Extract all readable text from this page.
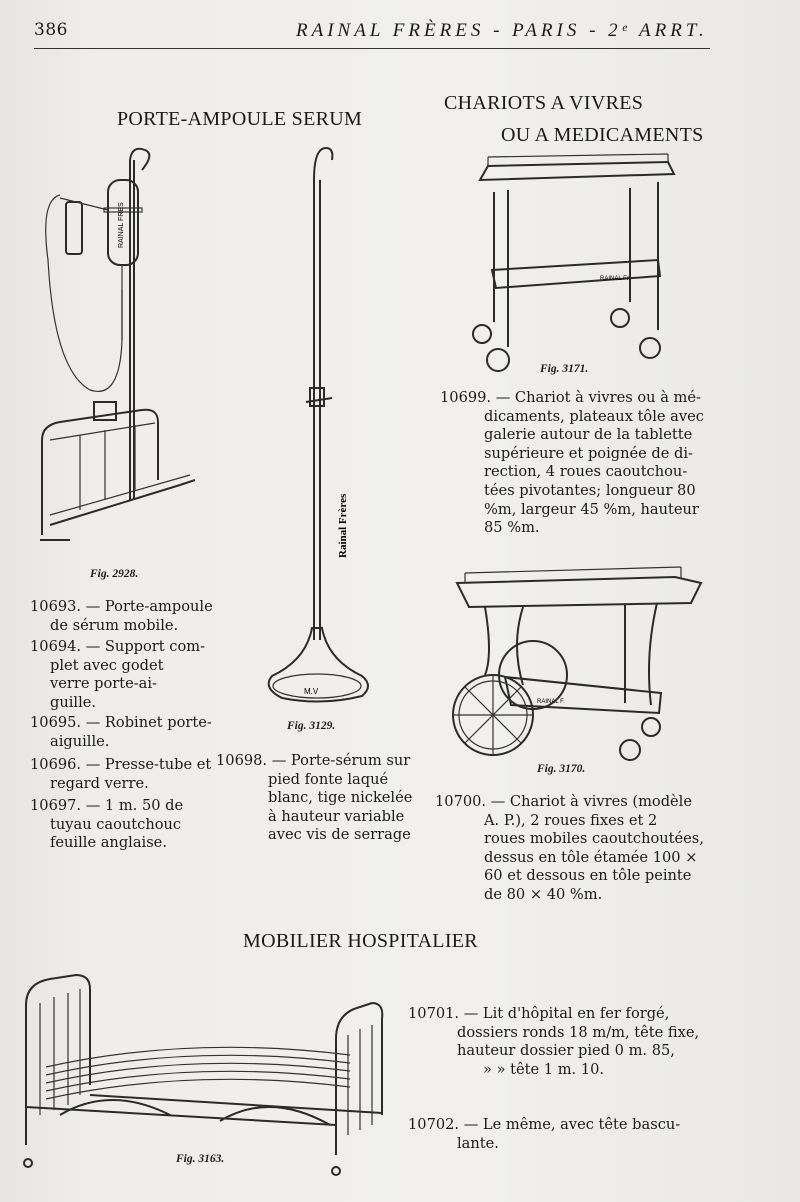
386	RAINAL FRÈRES - PARIS - 2ᵉ ARRT.
PORTE-AMPOULE SERUM
CHARIOTS A VIVRES
OU A MEDICAMENTS
MOBILIER HOSPITALIER
RAINAL FRES
Fig. 2928.
Rainal Frères
M.V
Fig. 3129.
10693. — Porte-ampoule
de sérum mobile.
10694. — Support com-
plet avec godet
verre porte-ai-
guille.
10695. — Robinet porte-
aiguille.
10696. — Presse-tube et
regard verre.
10697. — 1 m. 50 de
tuyau caoutchouc
feuille anglaise.
10698. — Porte-sérum sur
pied fonte laqué
blanc, tige nickelée
à hauteur variable
avec vis de serrage
RAINAL Fr.
Fig. 3171.
10699. — Chariot à vivres ou à mé-
dicaments, plateaux tôle avec
galerie autour de la tablette
supérieure et poignée de di-
rection, 4 roues caoutchou-
tées pivotantes; longueur 80
%m, largeur 45 %m, hauteur
85 %m.
RAINAL F.
Fig. 3170.
10700. — Chariot à vivres (modèle
A. P.), 2 roues fixes et 2
roues mobiles caoutchoutées,
dessus en tôle étamée 100 ×
60 et dessous en tôle peinte
de 80 × 40 %m.
Fig. 3163.
10701. — Lit d'hôpital en fer forgé,
dossiers ronds 18 m/m, tête fixe,
hauteur dossier pied 0 m. 85,
» » tête 1 m. 10.
10702. — Le même, avec tête bascu-
lante.
